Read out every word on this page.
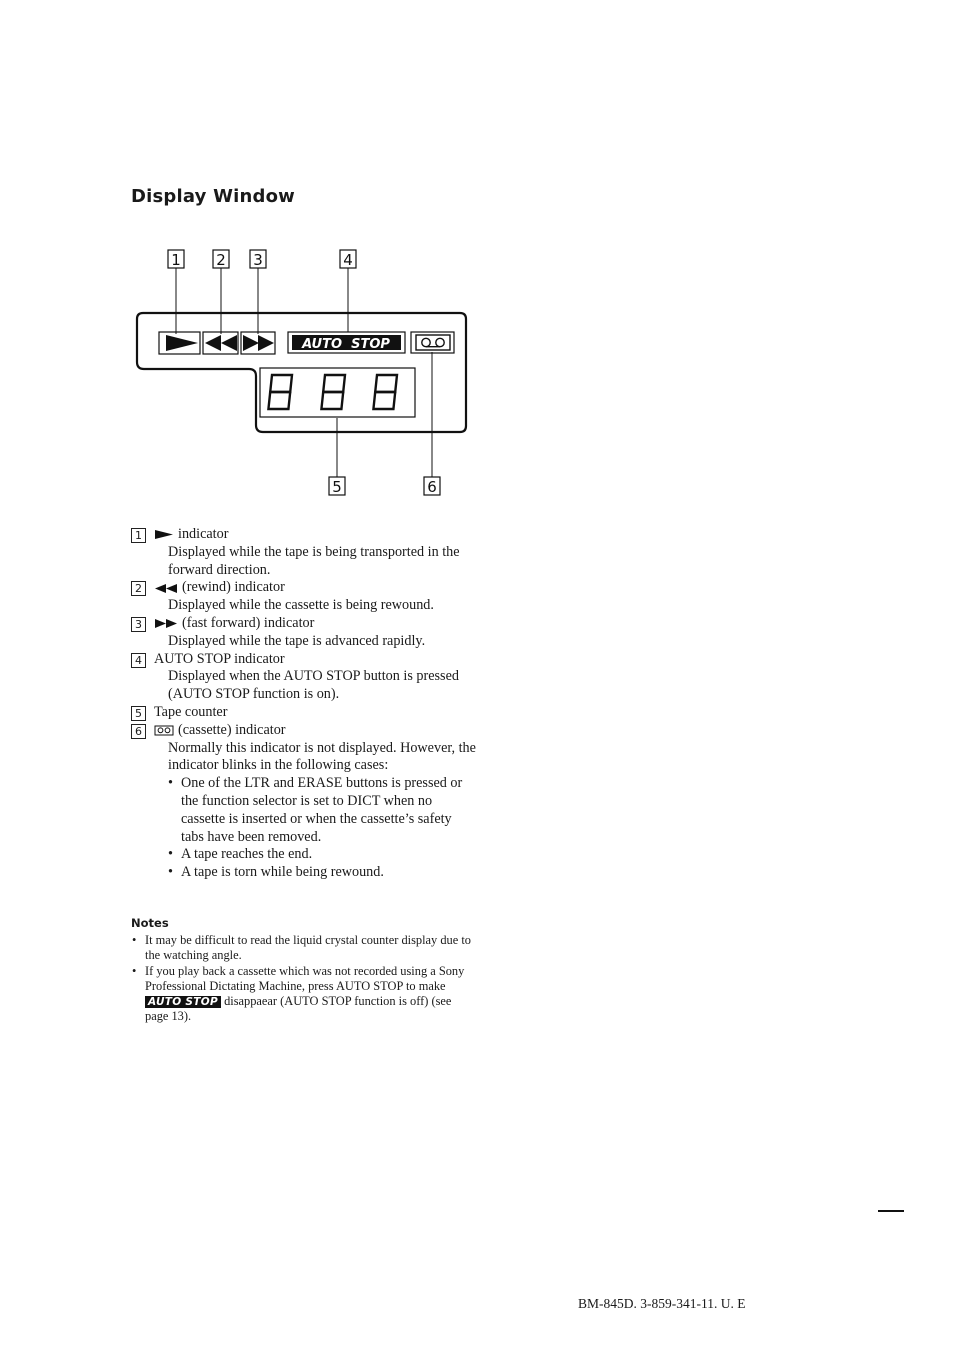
Display Window
1 2 3	4
5	6
AUTO  STOP
1	indicator
Displayed while the tape is being transported in the forward direction.
2	(rewind) indicator
Displayed while the cassette is being rewound.
3	(fast forward) indicator
Displayed while the tape is advanced rapidly.
4 AUTO STOP indicator
Displayed when the AUTO STOP button is pressed (AUTO STOP function is on).
5 Tape counter
6	(cassette) indicator
Normally this indicator is not displayed. However, the indicator blinks in the following cases:
• One of the LTR and ERASE buttons is pressed or the function selector is set to DICT when no cassette is inserted or when the cassette’s safety tabs have been removed.
• A tape reaches the end.
• A tape is torn while being rewound.
Notes
• It may be difficult to read the liquid crystal counter display due to the watching angle.
• If you play back a cassette which was not recorded using a Sony Professional Dictating Machine, press AUTO STOP to make AUTO STOP disappaear (AUTO STOP function is off) (see page 13).
BM-845D. 3-859-341-11. U. E
